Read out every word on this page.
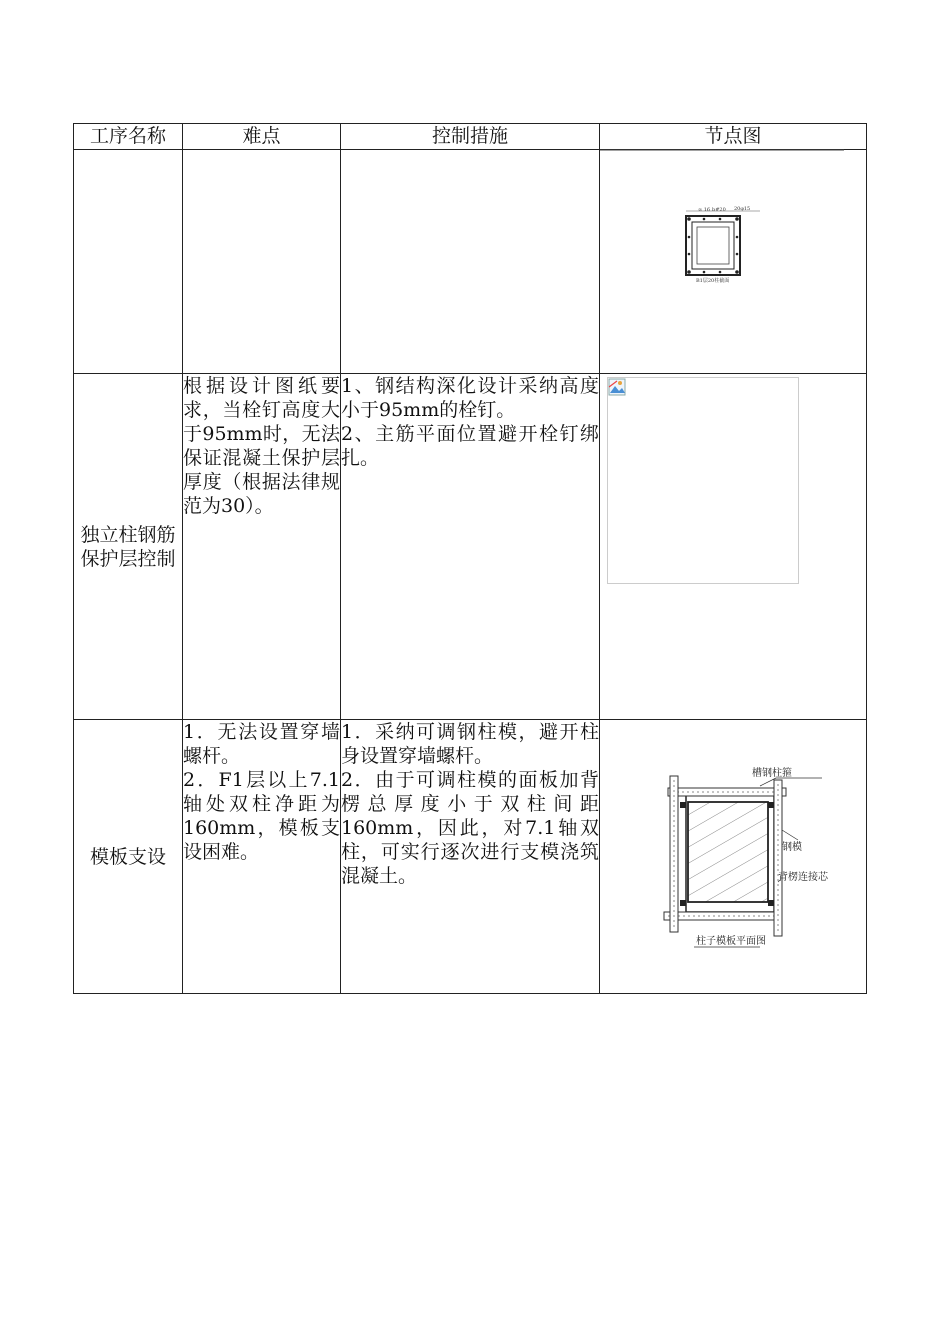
工序名称	难点	控制措施	节点图

∞ 16 b#20 20φ15
B1层20柱截面

独立柱钢筋保护层控制	根据设计图纸要求，当栓钉高度大于95mm时，无法保证混凝土保护层厚度（根据法律规范为30）。	1、钢结构深化设计采纳高度小于95mm的栓钉。
2、主筋平面位置避开栓钉绑扎。	

模板支设	1．无法设置穿墙螺杆。
2．F1层以上7.1轴处双柱净距为160mm，模板支设困难。	1．采纳可调钢柱模，避开柱身设置穿墙螺杆。
2．由于可调柱模的面板加背楞总厚度小于双柱间距160mm，因此，对7.1轴双柱，可实行逐次进行支模浇筑混凝土。	槽钢柱箍
钢模
背楞连接芯
柱子模板平面图
